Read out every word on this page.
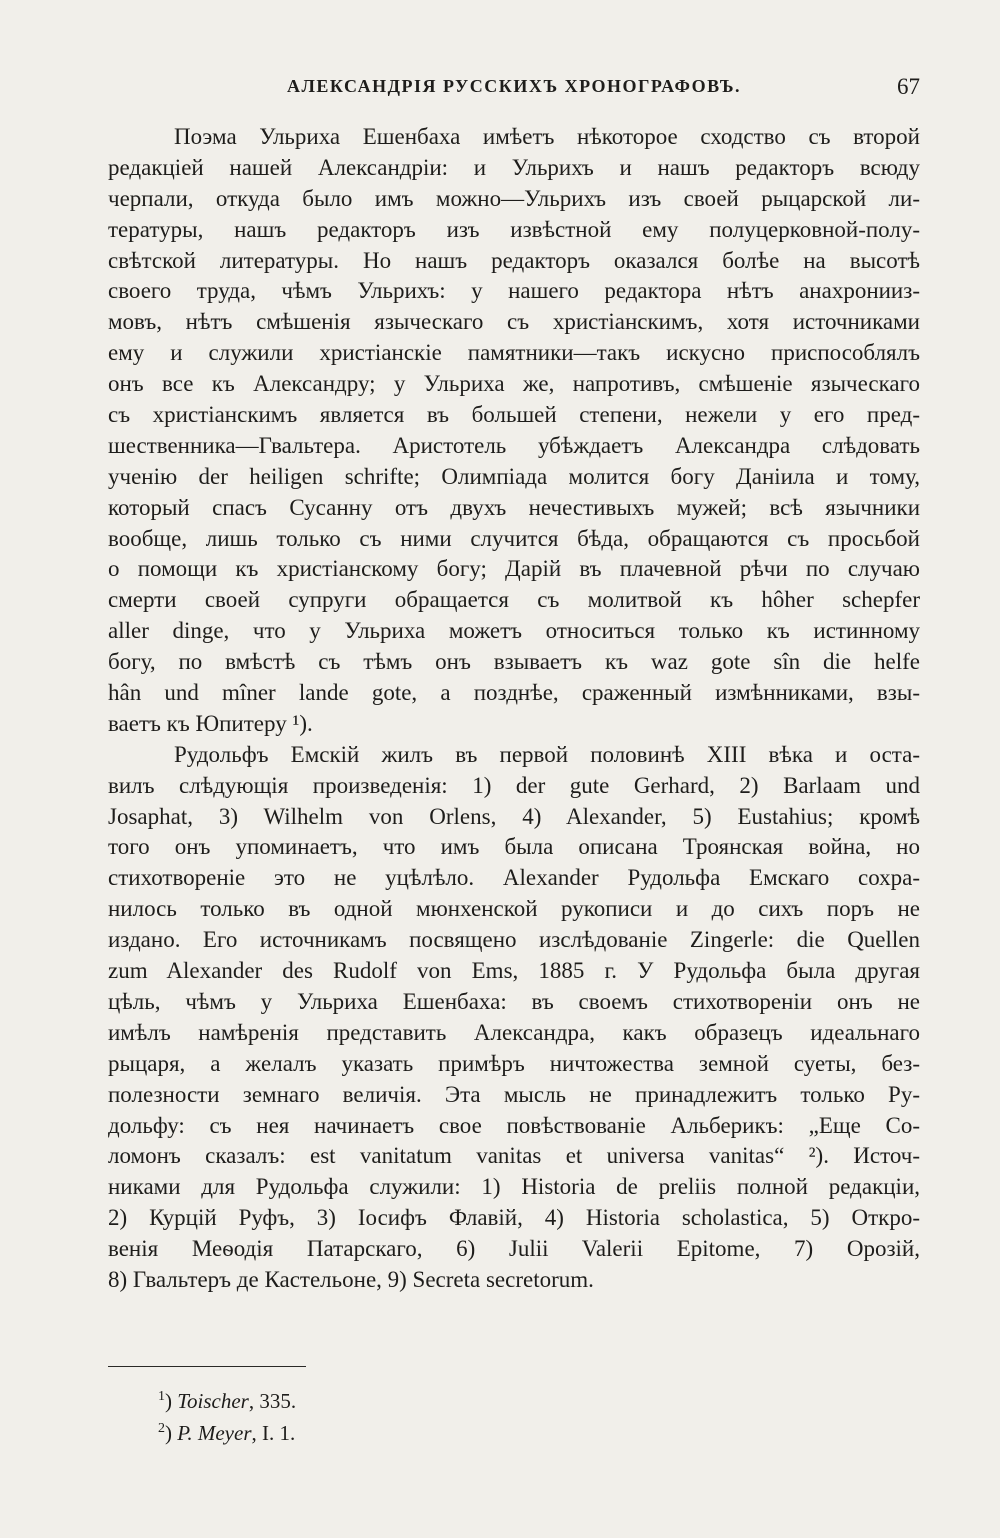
АЛЕКСАНДРІЯ РУССКИХЪ ХРОНОГРАФОВЪ.	67
Поэма Ульриха Ешенбаха имѣетъ нѣкоторое сходство съ второй
редакціей нашей Александріи: и Ульрихъ и нашъ редакторъ всюду
черпали, откуда было имъ можно—Ульрихъ изъ своей рыцарской ли-
тературы, нашъ редакторъ изъ извѣстной ему полуцерковной-полу-
свѣтской литературы. Но нашъ редакторъ оказался болѣе на высотѣ
своего труда, чѣмъ Ульрихъ: у нашего редактора нѣтъ анахронииз-
мовъ, нѣтъ смѣшенія языческаго съ христіанскимъ, хотя источниками
ему и служили христіанскіе памятники—такъ искусно приспособлялъ
онъ все къ Александру; у Ульриха же, напротивъ, смѣшеніе языческаго
съ христіанскимъ является въ большей степени, нежели у его пред-
шественника—Гвальтера. Аристотель убѣждаетъ Александра слѣдовать
ученію der heiligen schrifte; Олимпіада молится богу Даніила и тому,
который спасъ Сусанну отъ двухъ нечестивыхъ мужей; всѣ язычники
вообще, лишь только съ ними случится бѣда, обращаются съ просьбой
о помощи къ христіанскому богу; Дарій въ плачевной рѣчи по случаю
смерти своей супруги обращается съ молитвой къ hôher schepfer
aller dinge, что у Ульриха можетъ относиться только къ истинному
богу, по вмѣстѣ съ тѣмъ онъ взываетъ къ waz gote sîn die helfe
hân und mîner lande gote, а позднѣе, сраженный измѣнниками, взы-
ваетъ къ Юпитеру ¹).
Рудольфъ Емскій жилъ въ первой половинѣ XIII вѣка и оста-
вилъ слѣдующія произведенія: 1) der gute Gerhard, 2) Barlaam und
Josaphat, 3) Wilhelm von Orlens, 4) Alexander, 5) Eustahius; кромѣ
того онъ упоминаетъ, что имъ была описана Троянская война, но
стихотвореніе это не уцѣлѣло. Alexander Рудольфа Емскаго сохра-
нилось только въ одной мюнхенской рукописи и до сихъ поръ не
издано. Его источникамъ посвящено изслѣдованіе Zingerle: die Quellen
zum Alexander des Rudolf von Ems, 1885 г. У Рудольфа была другая
цѣль, чѣмъ у Ульриха Ешенбаха: въ своемъ стихотвореніи онъ не
имѣлъ намѣренія представить Александра, какъ образецъ идеальнаго
рыцаря, а желалъ указать примѣръ ничтожества земной суеты, без-
полезности земнаго величія. Эта мысль не принадлежитъ только Ру-
дольфу: съ нея начинаетъ свое повѣствованіе Альберикъ: „Еще Со-
ломонъ сказалъ: est vanitatum vanitas et universa vanitas“ ²). Источ-
никами для Рудольфа служили: 1) Historia de preliis полной редакціи,
2) Курцій Руфъ, 3) Іосифъ Флавій, 4) Historia scholastica, 5) Откро-
венія Меѳодія Патарскаго, 6) Julii Valerii Epitome, 7) Орозій,
8) Гвальтеръ де Кастельоне, 9) Secreta secretorum.
$^1$) Toischer, 335.
$^2$) P. Meyer, I. 1.
